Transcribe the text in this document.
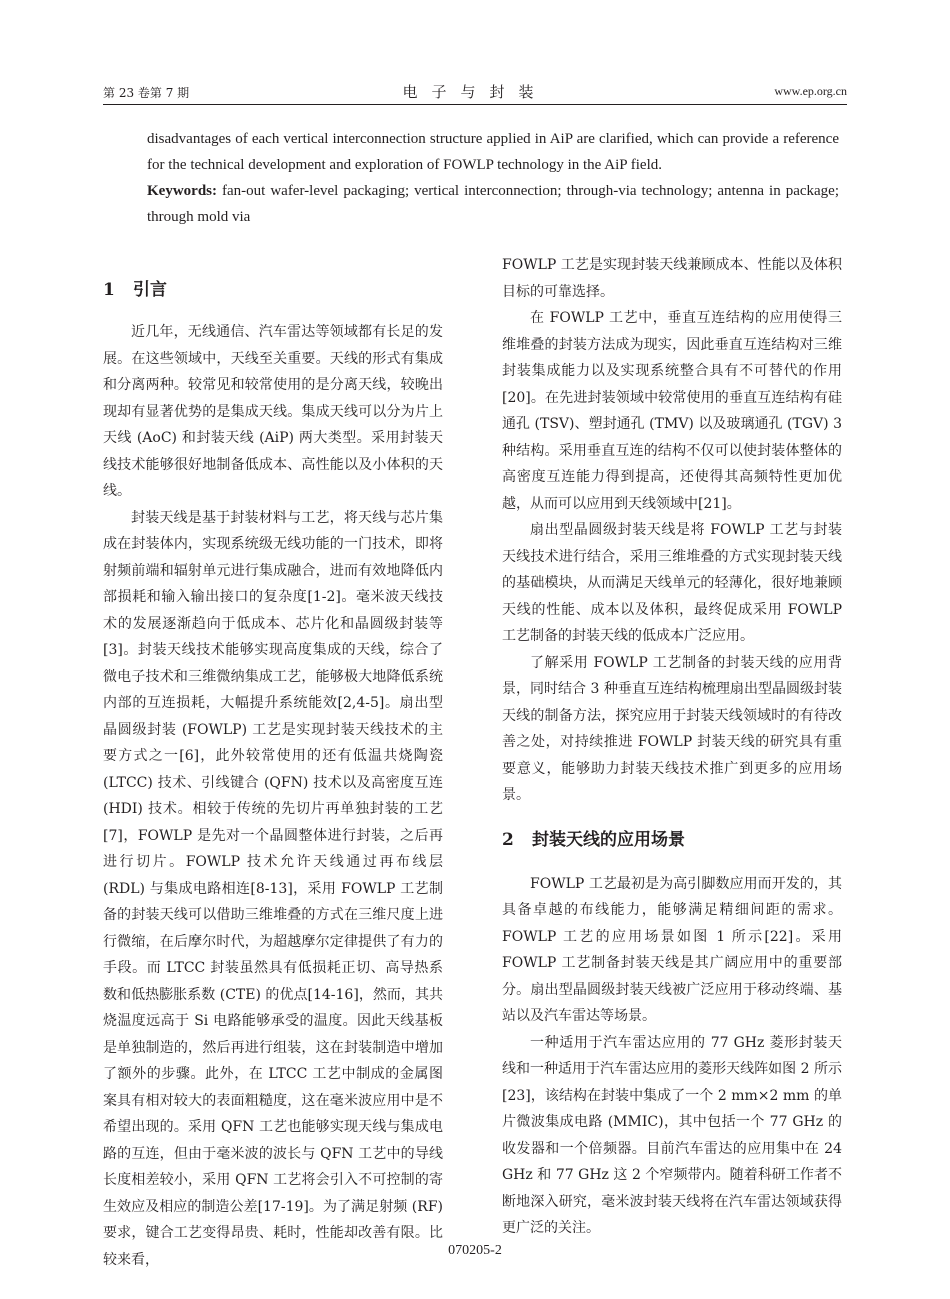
第 23 卷第 7 期	电子与封装	www.ep.org.cn

disadvantages of each vertical interconnection structure applied in AiP are clarified, which can provide a reference for the technical development and exploration of FOWLP technology in the AiP field.

Keywords: fan-out wafer-level packaging; vertical interconnection; through-via technology; antenna in package; through mold via

1 引言

近几年，无线通信、汽车雷达等领域都有长足的发展。在这些领域中，天线至关重要。天线的形式有集成和分离两种。较常见和较常使用的是分离天线，较晚出现却有显著优势的是集成天线。集成天线可以分为片上天线 (AoC) 和封装天线 (AiP) 两大类型。采用封装天线技术能够很好地制备低成本、高性能以及小体积的天线。

封装天线是基于封装材料与工艺，将天线与芯片集成在封装体内，实现系统级无线功能的一门技术，即将射频前端和辐射单元进行集成融合，进而有效地降低内部损耗和输入输出接口的复杂度[1-2]。毫米波天线技术的发展逐渐趋向于低成本、芯片化和晶圆级封装等[3]。封装天线技术能够实现高度集成的天线，综合了微电子技术和三维微纳集成工艺，能够极大地降低系统内部的互连损耗，大幅提升系统能效[2,4-5]。扇出型晶圆级封装 (FOWLP) 工艺是实现封装天线技术的主要方式之一[6]，此外较常使用的还有低温共烧陶瓷 (LTCC) 技术、引线键合 (QFN) 技术以及高密度互连 (HDI) 技术。相较于传统的先切片再单独封装的工艺[7]，FOWLP 是先对一个晶圆整体进行封装，之后再进行切片。FOWLP 技术允许天线通过再布线层 (RDL) 与集成电路相连[8-13]，采用 FOWLP 工艺制备的封装天线可以借助三维堆叠的方式在三维尺度上进行微缩，在后摩尔时代，为超越摩尔定律提供了有力的手段。而 LTCC 封装虽然具有低损耗正切、高导热系数和低热膨胀系数 (CTE) 的优点[14-16]，然而，其共烧温度远高于 Si 电路能够承受的温度。因此天线基板是单独制造的，然后再进行组装，这在封装制造中增加了额外的步骤。此外，在 LTCC 工艺中制成的金属图案具有相对较大的表面粗糙度，这在毫米波应用中是不希望出现的。采用 QFN 工艺也能够实现天线与集成电路的互连，但由于毫米波的波长与 QFN 工艺中的导线长度相差较小，采用 QFN 工艺将会引入不可控制的寄生效应及相应的制造公差[17-19]。为了满足射频 (RF) 要求，键合工艺变得昂贵、耗时，性能却改善有限。比较来看，

FOWLP 工艺是实现封装天线兼顾成本、性能以及体积目标的可靠选择。

在 FOWLP 工艺中，垂直互连结构的应用使得三维堆叠的封装方法成为现实，因此垂直互连结构对三维封装集成能力以及实现系统整合具有不可替代的作用[20]。在先进封装领域中较常使用的垂直互连结构有硅通孔 (TSV)、塑封通孔 (TMV) 以及玻璃通孔 (TGV) 3 种结构。采用垂直互连的结构不仅可以使封装体整体的高密度互连能力得到提高，还使得其高频特性更加优越，从而可以应用到天线领域中[21]。

扇出型晶圆级封装天线是将 FOWLP 工艺与封装天线技术进行结合，采用三维堆叠的方式实现封装天线的基础模块，从而满足天线单元的轻薄化，很好地兼顾天线的性能、成本以及体积，最终促成采用 FOWLP 工艺制备的封装天线的低成本广泛应用。

了解采用 FOWLP 工艺制备的封装天线的应用背景，同时结合 3 种垂直互连结构梳理扇出型晶圆级封装天线的制备方法，探究应用于封装天线领域时的有待改善之处，对持续推进 FOWLP 封装天线的研究具有重要意义，能够助力封装天线技术推广到更多的应用场景。

2 封装天线的应用场景

FOWLP 工艺最初是为高引脚数应用而开发的，其具备卓越的布线能力，能够满足精细间距的需求。FOWLP 工艺的应用场景如图 1 所示[22]。采用 FOWLP 工艺制备封装天线是其广阔应用中的重要部分。扇出型晶圆级封装天线被广泛应用于移动终端、基站以及汽车雷达等场景。

一种适用于汽车雷达应用的 77 GHz 菱形封装天线和一种适用于汽车雷达应用的菱形天线阵如图 2 所示[23]，该结构在封装中集成了一个 2 mm×2 mm 的单片微波集成电路 (MMIC)，其中包括一个 77 GHz 的收发器和一个倍频器。目前汽车雷达的应用集中在 24 GHz 和 77 GHz 这 2 个窄频带内。随着科研工作者不断地深入研究，毫米波封装天线将在汽车雷达领域获得更广泛的关注。

070205-2
